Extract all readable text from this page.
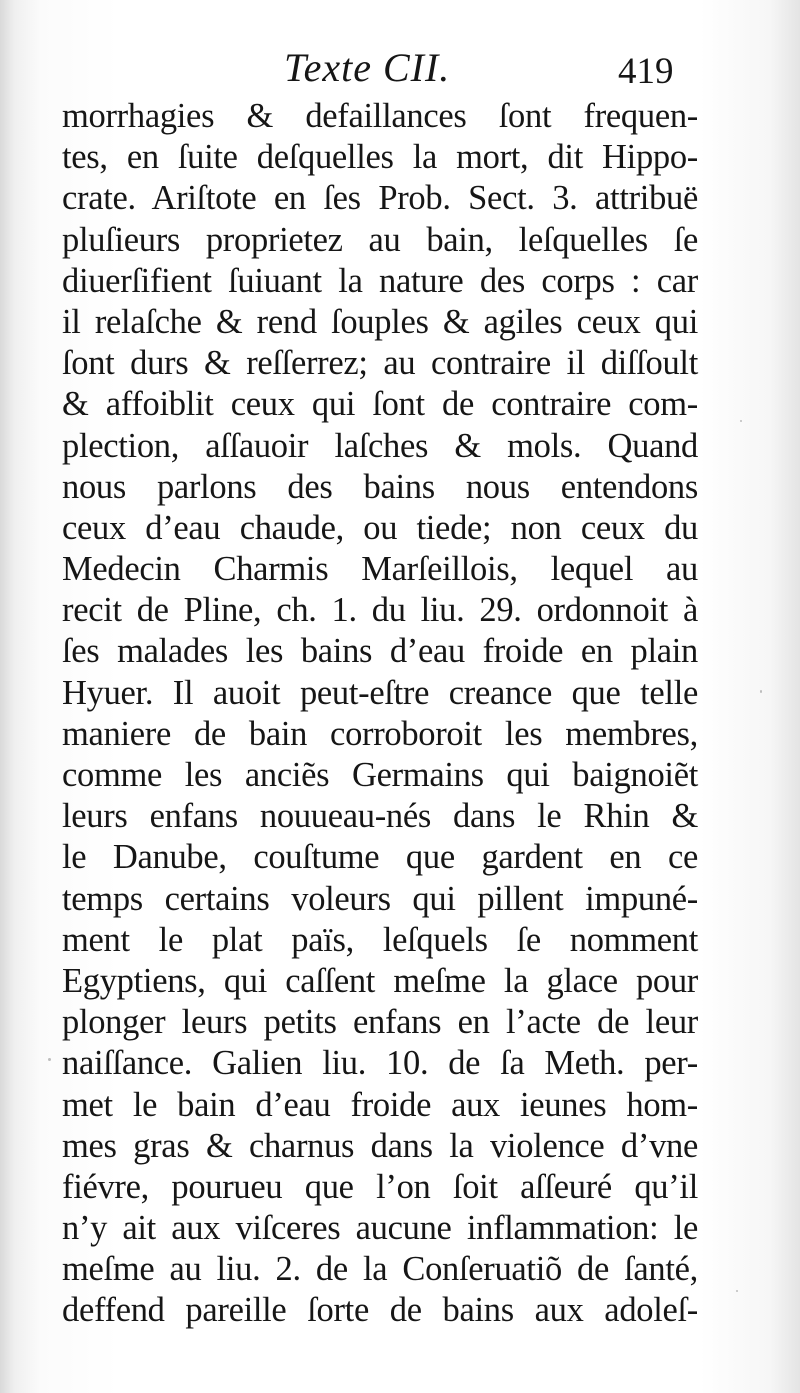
Texte CII.	419
morrhagies & defaillances ſont frequen-
tes, en ſuite deſquelles la mort, dit Hippo-
crate. Ariſtote en ſes Prob. Sect. 3. attribuë
pluſieurs proprietez au bain, leſquelles ſe
diuerſifient ſuiuant la nature des corps : car
il relaſche & rend ſouples & agiles ceux qui
ſont durs & reſſerrez; au contraire il diſſoult
& affoiblit ceux qui ſont de contraire com-
plection, aſſauoir laſches & mols. Quand
nous parlons des bains nous entendons
ceux d’eau chaude, ou tiede; non ceux du
Medecin Charmis Marſeillois, lequel au
recit de Pline, ch. 1. du liu. 29. ordonnoit à
ſes malades les bains d’eau froide en plain
Hyuer. Il auoit peut-eſtre creance que telle
maniere de bain corroboroit les membres,
comme les anciẽs Germains qui baignoiẽt
leurs enfans nouueau-nés dans le Rhin &
le Danube, couſtume que gardent en ce
temps certains voleurs qui pillent impuné-
ment le plat païs, leſquels ſe nomment
Egyptiens, qui caſſent meſme la glace pour
plonger leurs petits enfans en l’acte de leur
naiſſance. Galien liu. 10. de ſa Meth. per-
met le bain d’eau froide aux ieunes hom-
mes gras & charnus dans la violence d’vne
fiévre, pourueu que l’on ſoit aſſeuré qu’il
n’y ait aux viſceres aucune inflammation: le
meſme au liu. 2. de la Conſeruatiõ de ſanté,
deffend pareille ſorte de bains aux adoleſ-
